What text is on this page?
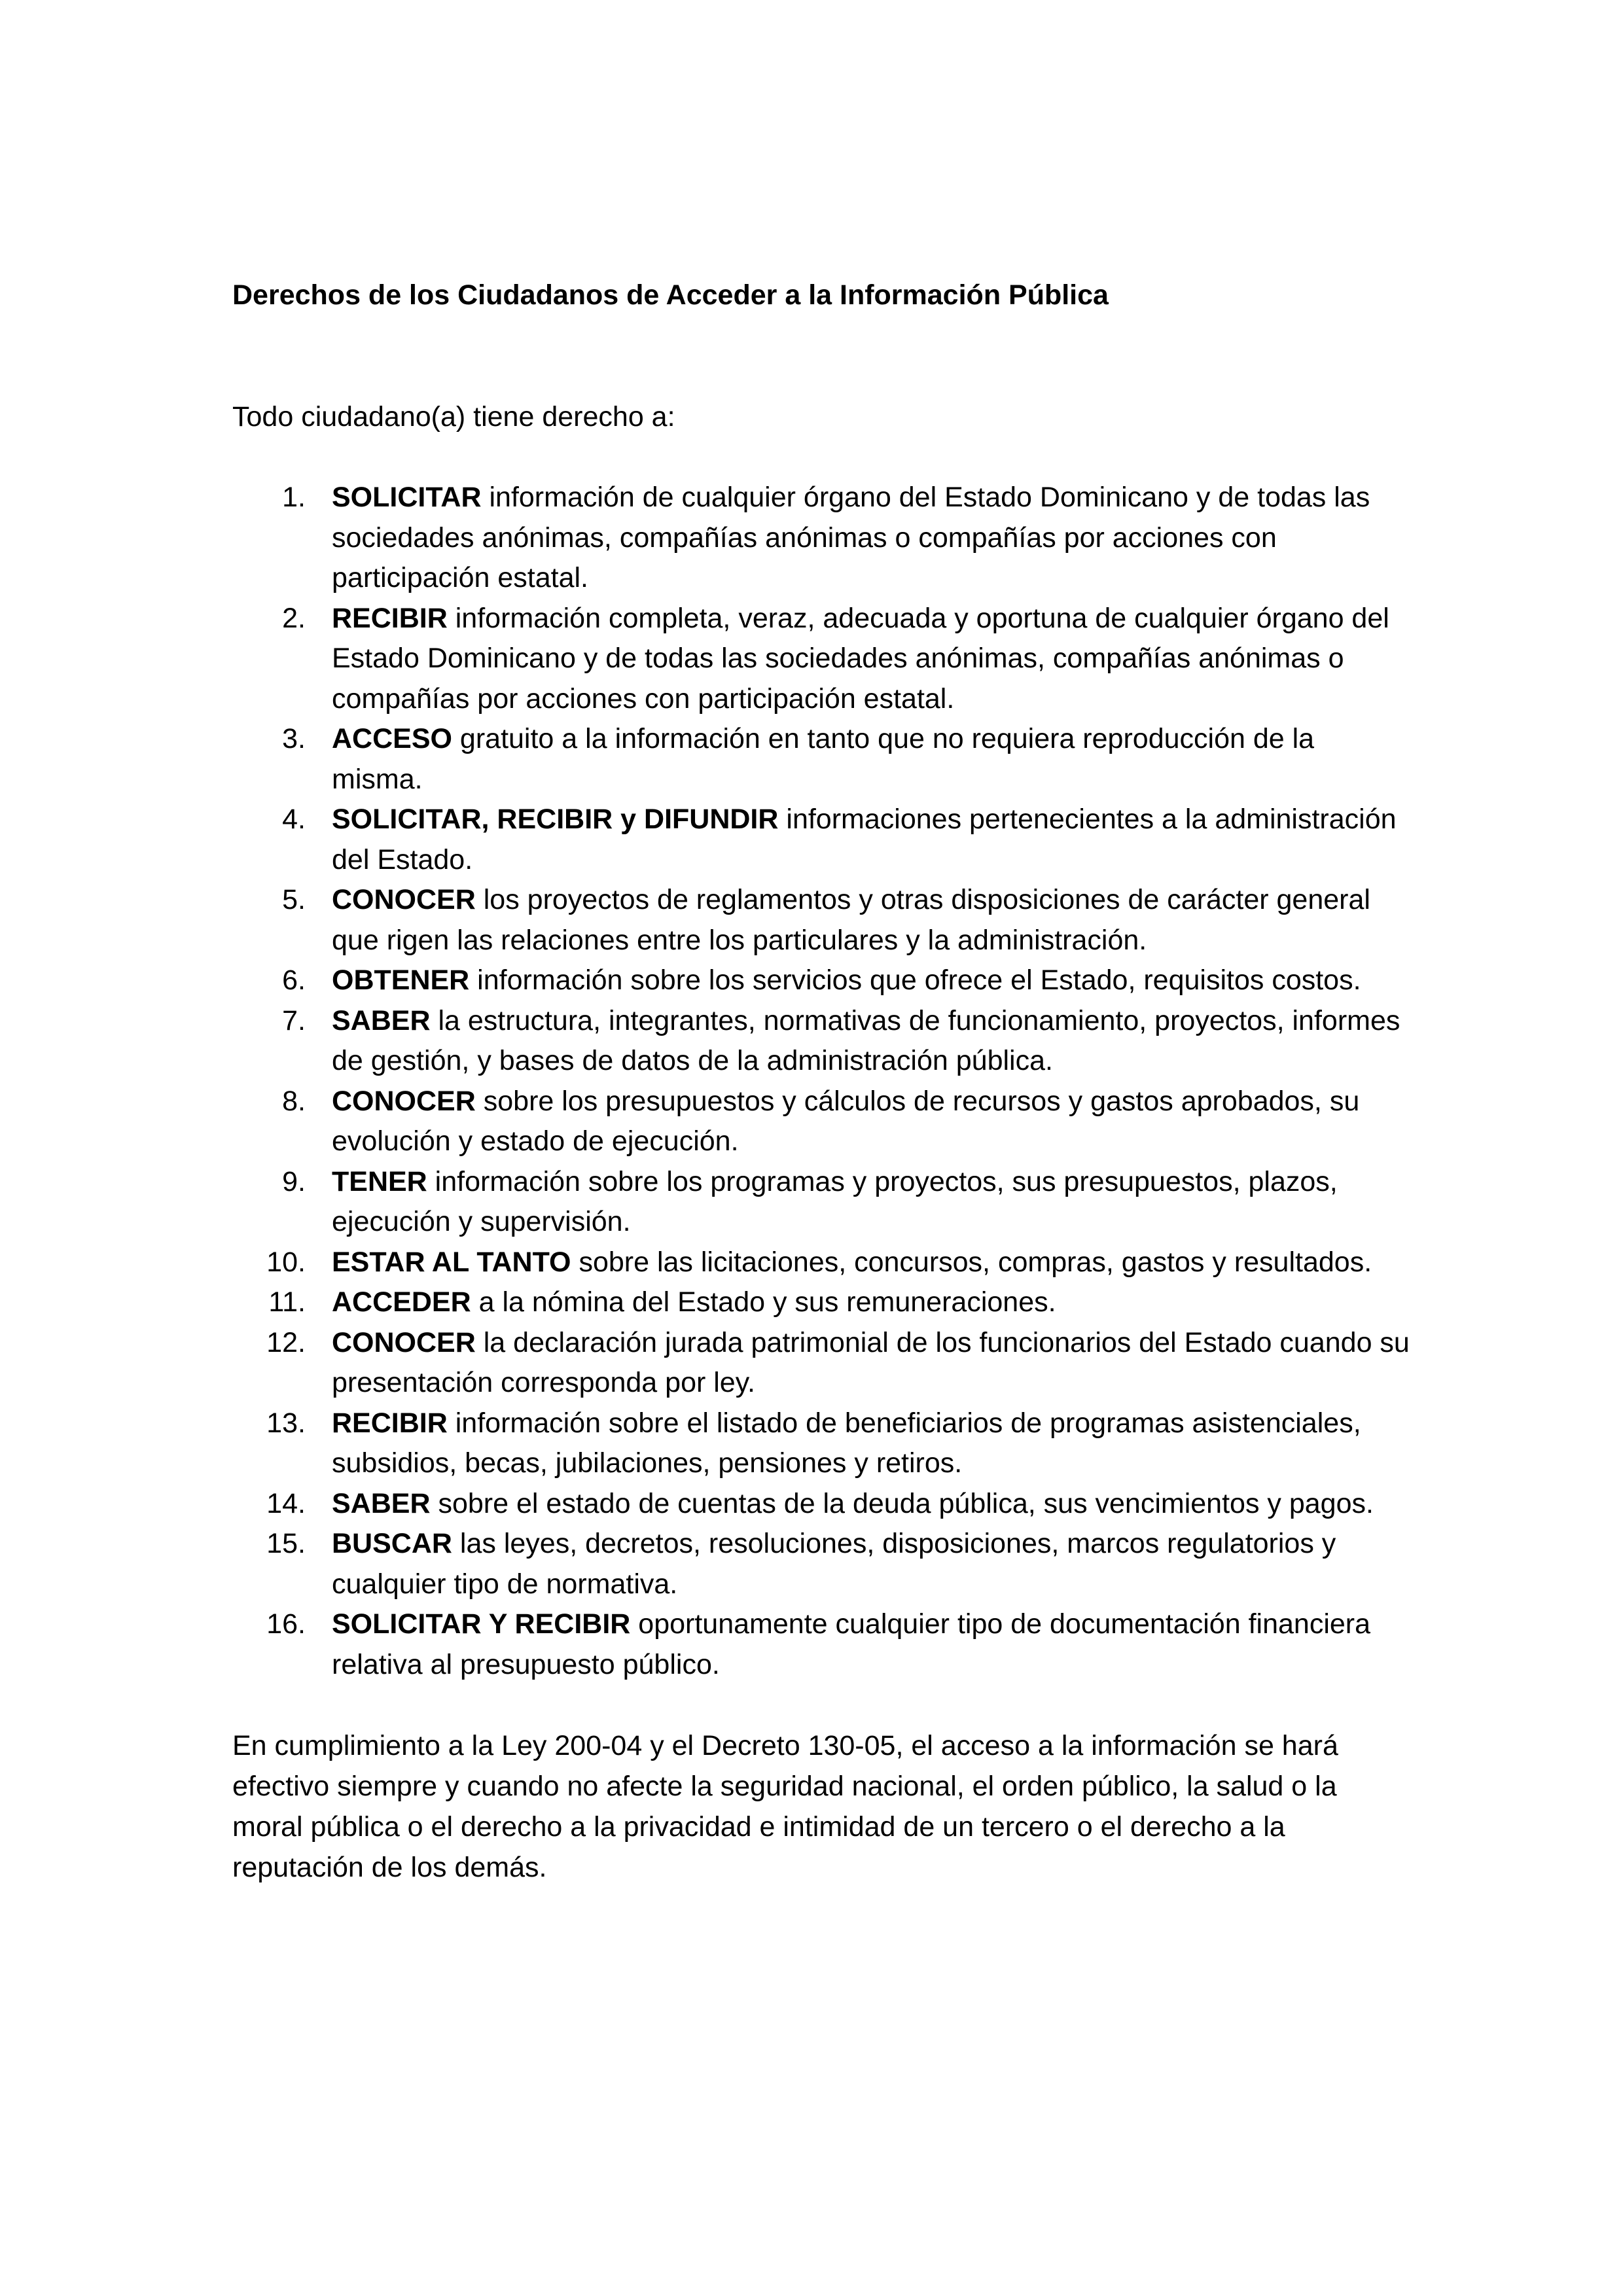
Derechos de los Ciudadanos de Acceder a la Información Pública

Todo ciudadano(a) tiene derecho a:

1. SOLICITAR información de cualquier órgano del Estado Dominicano y de todas las sociedades anónimas, compañías anónimas o compañías por acciones con participación estatal.
2. RECIBIR información completa, veraz, adecuada y oportuna de cualquier órgano del Estado Dominicano y de todas las sociedades anónimas, compañías anónimas o compañías por acciones con participación estatal.
3. ACCESO gratuito a la información en tanto que no requiera reproducción de la misma.
4. SOLICITAR, RECIBIR y DIFUNDIR informaciones pertenecientes a la administración del Estado.
5. CONOCER los proyectos de reglamentos y otras disposiciones de carácter general que rigen las relaciones entre los particulares y la administración.
6. OBTENER información sobre los servicios que ofrece el Estado, requisitos costos.
7. SABER la estructura, integrantes, normativas de funcionamiento, proyectos, informes de gestión, y bases de datos de la administración pública.
8. CONOCER sobre los presupuestos y cálculos de recursos y gastos aprobados, su evolución y estado de ejecución.
9. TENER información sobre los programas y proyectos, sus presupuestos, plazos, ejecución y supervisión.
10. ESTAR AL TANTO sobre las licitaciones, concursos, compras, gastos y resultados.
11. ACCEDER a la nómina del Estado y sus remuneraciones.
12. CONOCER la declaración jurada patrimonial de los funcionarios del Estado cuando su presentación corresponda por ley.
13. RECIBIR información sobre el listado de beneficiarios de programas asistenciales, subsidios, becas, jubilaciones, pensiones y retiros.
14. SABER sobre el estado de cuentas de la deuda pública, sus vencimientos y pagos.
15. BUSCAR las leyes, decretos, resoluciones, disposiciones, marcos regulatorios y cualquier tipo de normativa.
16. SOLICITAR Y RECIBIR oportunamente cualquier tipo de documentación financiera relativa al presupuesto público.

En cumplimiento a la Ley 200-04 y el Decreto 130-05, el acceso a la información se hará efectivo siempre y cuando no afecte la seguridad nacional, el orden público, la salud o la moral pública o el derecho a la privacidad e intimidad de un tercero o el derecho a la reputación de los demás.
